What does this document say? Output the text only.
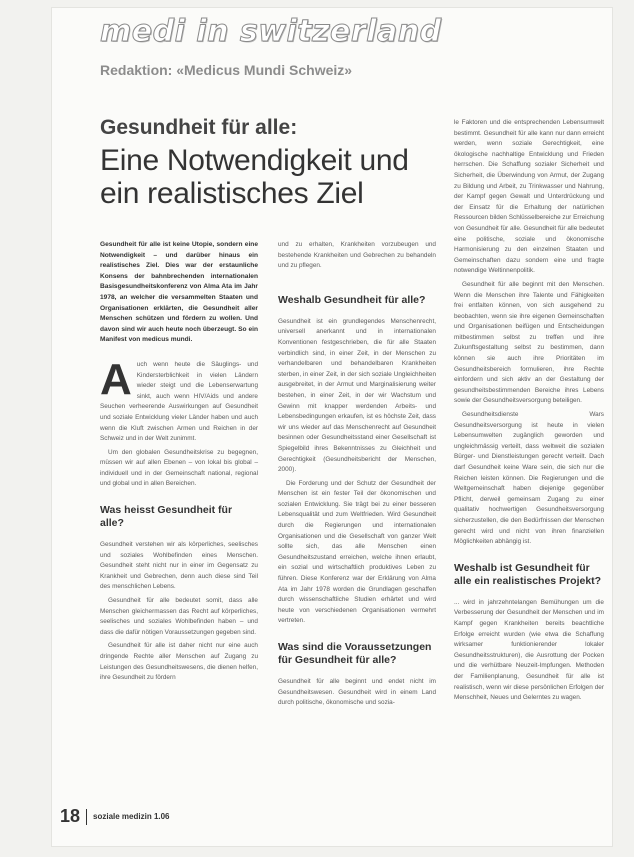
medi in switzerland
Redaktion: «Medicus Mundi Schweiz»
Gesundheit für alle:
Eine Notwendigkeit und ein realistisches Ziel

Gesundheit für alle ist keine Utopie, sondern eine Notwendigkeit – und darüber hinaus ein realistisches Ziel. Dies war der erstaunliche Konsens der bahnbrechenden internationalen Basisgesundheitskonferenz von Alma Ata im Jahr 1978, an welcher die versammelten Staaten und Organisationen erklärten, die Gesundheit aller Menschen schützen und fördern zu wollen. Und davon sind wir auch heute noch überzeugt. So ein Manifest von medicus mundi.

A uch wenn heute die Säuglings- und Kindersterblichkeit in vielen Ländern wieder steigt und die Lebenserwartung sinkt, auch wenn HIV/Aids und andere Seuchen verheerende Auswirkungen auf Gesundheit und soziale Entwicklung vieler Länder haben und auch wenn die Kluft zwischen Armen und Reichen in der Schweiz und in der Welt zunimmt.

Um den globalen Gesundheitskrise zu begegnen, müssen wir auf allen Ebenen – von lokal bis global – individuell und in der Gemeinschaft national, regional und global und in allen Bereichen.

Was heisst Gesundheit für alle?

Gesundheit verstehen wir als körperliches, seelisches und soziales Wohlbefinden eines Menschen. Gesundheit steht nicht nur in einer im Gegensatz zu Krankheit und Gebrechen, denn auch diese sind Teil des menschlichen Lebens.

Gesundheit für alle bedeutet somit, dass alle Menschen gleichermassen das Recht auf körperliches, seelisches und soziales Wohlbefinden haben – und dass die dafür nötigen Voraussetzungen gegeben sind.

Gesundheit für alle ist daher nicht nur eine auch dringende Rechte aller Menschen auf Zugang zu Leistungen des Gesundheitswesens, die dienen helfen, ihre Gesundheit zu fördern

und zu erhalten, Krankheiten vorzubeugen und bestehende Krankheiten und Gebrechen zu behandeln und zu pflegen.

Weshalb Gesundheit für alle?

Gesundheit ist ein grundlegendes Menschenrecht, universell anerkannt und in internationalen Konventionen festgeschrieben, die für alle Staaten verbindlich sind, in einer Zeit, in der Menschen zu verhandelbaren und behandelbaren Krankheiten sterben, in einer Zeit, in der sich soziale Ungleichheiten ausgebreitet, in der Armut und Marginalisierung weiter bestehen, in einer Zeit, in der wir Wachstum und Gewinn mit knapper werdenden Arbeits- und Lebensbedingungen erkaufen, ist es höchste Zeit, dass wir uns wieder auf das Menschenrecht auf Gesundheit besinnen oder Gesundheitsstand einer Gesellschaft ist Spiegelbild ihres Bekenntnisses zu Gleichheit und Gerechtigkeit (Gesundheitsbericht der Menschen, 2000).

Die Forderung und der Schutz der Gesundheit der Menschen ist ein fester Teil der ökonomischen und sozialen Entwicklung. Sie trägt bei zu einer besseren Lebensqualität und zum Weltfrieden. Wird Gesundheit durch die Regierungen und internationalen Organisationen und die Gesellschaft von ganzer Welt sollte sich, das alle Menschen einen Gesundheitszustand erreichen, welche ihnen erlaubt, ein sozial und wirtschaftlich produktives Leben zu führen. Diese Konferenz war der Erklärung von Alma Ata im Jahr 1978 worden die Grundlagen geschaffen durch wissenschaftliche Studien erhärtet und wird heute von verschiedenen Organisationen vermehrt vertreten.

Was sind die Voraussetzungen für Gesundheit für alle?

Gesundheit für alle beginnt und endet nicht im Gesundheitswesen. Gesundheit wird in einem Land durch politische, ökonomische und sozia-

le Faktoren und die entsprechenden Lebensumwelt bestimmt. Gesundheit für alle kann nur dann erreicht werden, wenn soziale Gerechtigkeit, eine ökologische nachhaltige Entwicklung und Frieden herrschen. Die Schaffung sozialer Sicherheit und Sicherheit, die Überwindung von Armut, der Zugang zu Bildung und Arbeit, zu Trinkwasser und Nahrung, der Kampf gegen Gewalt und Unterdrückung und der Einsatz für die Erhaltung der natürlichen Ressourcen bilden Schlüsselbereiche zur Erreichung von Gesundheit für alle. Gesundheit für alle bedeutet eine politische, soziale und ökonomische Harmonisierung zu den einzelnen Staaten und Gemeinschaften dazu sondern eine und fragte notwendige Weltinnenpolitik.

Gesundheit für alle beginnt mit den Menschen. Wenn die Menschen ihre Talente und Fähigkeiten frei entfalten können, von sich ausgehend zu beobachten, wenn sie ihre eigenen Gemeinschaften und Organisationen beifügen und Entscheidungen mitbestimmen selbst zu treffen und ihre Zukunftsgestaltung selbst zu bestimmen, dann können sie auch ihre Prioritäten im Gesundheitsbereich formulieren, ihre Rechte einfordern und sich aktiv an der Gestaltung der gesundheitsbestimmenden Bereiche ihres Lebens sowie der Gesundheitsversorgung beteiligen.

Gesundheitsdienste Wars Gesundheitsversorgung ist heute in vielen Lebensumwelten zugänglich geworden und ungleichmässig verteilt, dass weltweit die sozialen Bürger- und Dienstleistungen gerecht verteilt. Dach darf Gesundheit keine Ware sein, die sich nur die Reichen leisten können. Die Regierungen und die Weltgemeinschaft haben diejenige gegenüber Pflicht, derweil gemeinsam Zugang zu einer qualitativ hochwertigen Gesundheitsversorgung sicherzustellen, die den Bedürfnissen der Menschen gerecht wird und nicht von ihren finanziellen Möglichkeiten abhängig ist.

Weshalb ist Gesundheit für alle ein realistisches Projekt?

... wird in jahrzehntelangen Bemühungen um die Verbesserung der Gesundheit der Menschen und im Kampf gegen Krankheiten bereits beachtliche Erfolge erreicht wurden (wie etwa die Schaffung wirksamer funktionierender lokaler Gesundheitsstrukturen), die Ausrottung der Pocken und die verhütbare Neuzeit-Impfungen. Methoden der Familienplanung, Gesundheit für alle ist realistisch, wenn wir diese persönlichen Erfolgen der Menschheit, Neues und Gelerntes zu wagen.

18 soziale medizin 1.06
